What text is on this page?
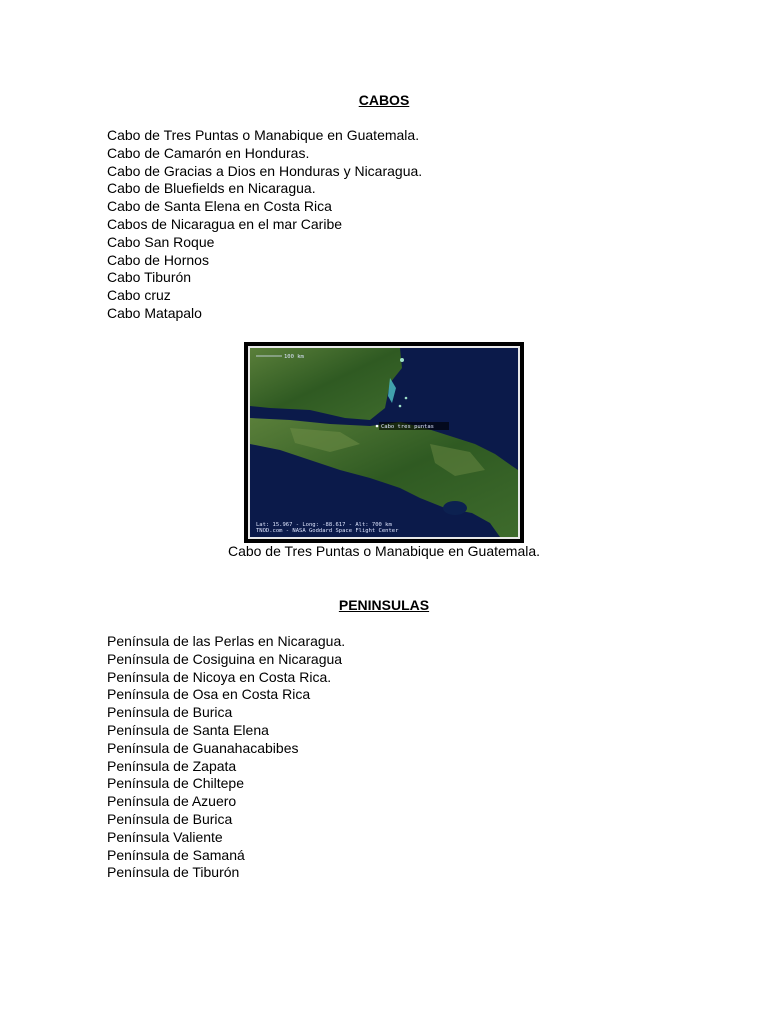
CABOS
Cabo de Tres Puntas o Manabique en Guatemala.
Cabo de Camarón en Honduras.
Cabo de Gracias a Dios en Honduras y Nicaragua.
Cabo de Bluefields en Nicaragua.
Cabo de Santa Elena en Costa Rica
Cabos de Nicaragua en el mar Caribe
Cabo San Roque
Cabo de Hornos
Cabo Tiburón
Cabo cruz
Cabo Matapalo
100 km
Cabo tres puntas
Lat: 15.967 - Long: -88.617 - Alt: 700 km
TNOD.com - NASA Goddard Space Flight Center
Cabo de Tres Puntas o Manabique en Guatemala.
PENINSULAS
Península de las Perlas en Nicaragua.
Península de Cosiguina en Nicaragua
Península de Nicoya en Costa Rica.
Península de Osa en Costa Rica
Península de Burica
Península de Santa Elena
Península de Guanahacabibes
Península de Zapata
Península de Chiltepe
Península de Azuero
Península de Burica
Península Valiente
Península de Samaná
Península de Tiburón
